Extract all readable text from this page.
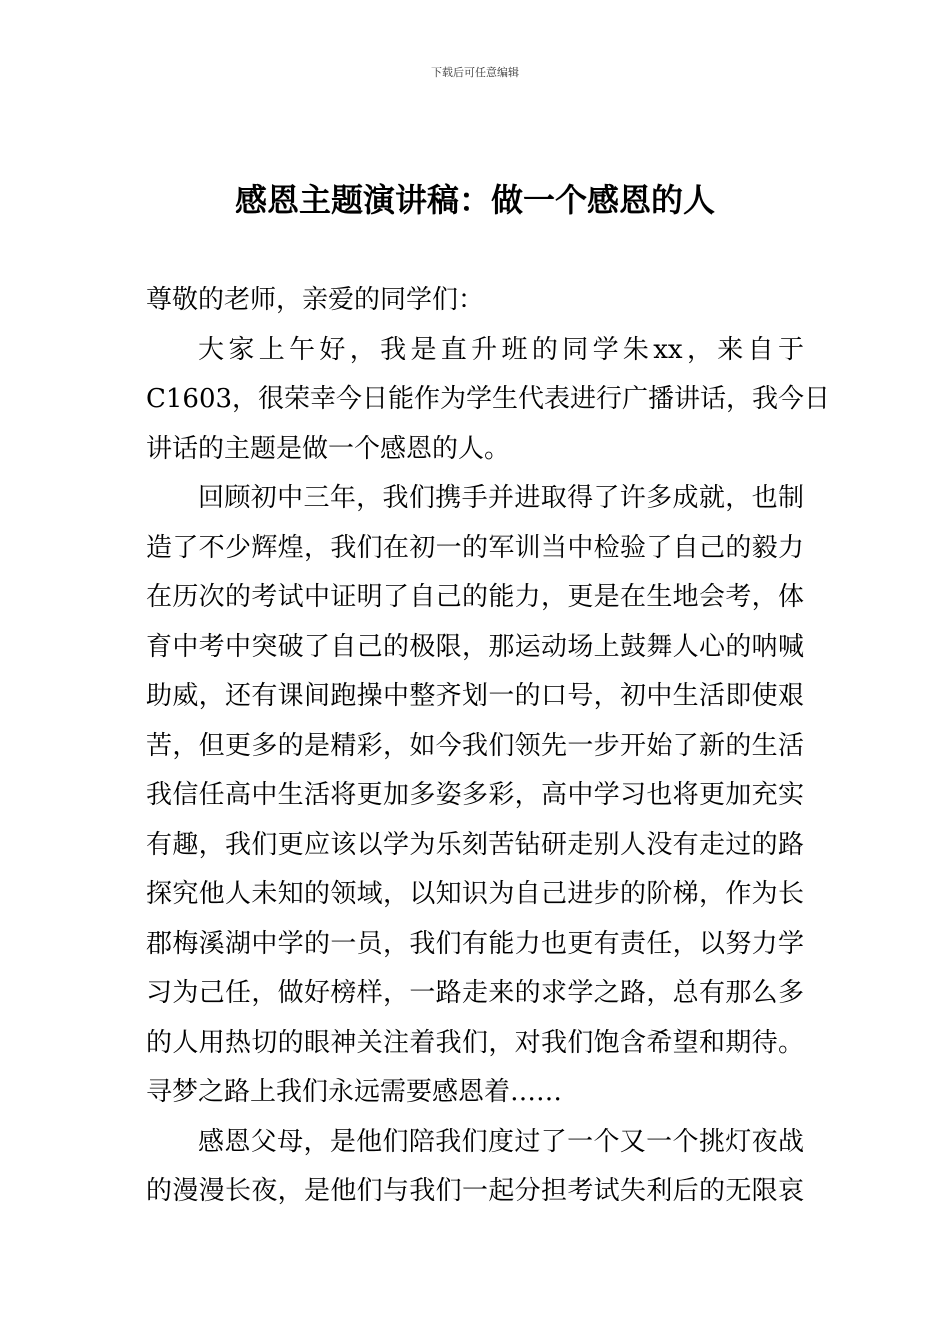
下载后可任意编辑
感恩主题演讲稿：做一个感恩的人
尊敬的老师，亲爱的同学们：
大家上午好，我是直升班的同学朱xx，来自于
C1603，很荣幸今日能作为学生代表进行广播讲话，我今日
讲话的主题是做一个感恩的人。
回顾初中三年，我们携手并进取得了许多成就，也制
造了不少辉煌，我们在初一的军训当中检验了自己的毅力
在历次的考试中证明了自己的能力，更是在生地会考，体
育中考中突破了自己的极限，那运动场上鼓舞人心的呐喊
助威，还有课间跑操中整齐划一的口号，初中生活即使艰
苦，但更多的是精彩，如今我们领先一步开始了新的生活
我信任高中生活将更加多姿多彩，高中学习也将更加充实
有趣，我们更应该以学为乐刻苦钻研走别人没有走过的路
探究他人未知的领域，以知识为自己进步的阶梯，作为长
郡梅溪湖中学的一员，我们有能力也更有责任，以努力学
习为己任，做好榜样，一路走来的求学之路，总有那么多
的人用热切的眼神关注着我们，对我们饱含希望和期待。
寻梦之路上我们永远需要感恩着……
感恩父母，是他们陪我们度过了一个又一个挑灯夜战
的漫漫长夜，是他们与我们一起分担考试失利后的无限哀
